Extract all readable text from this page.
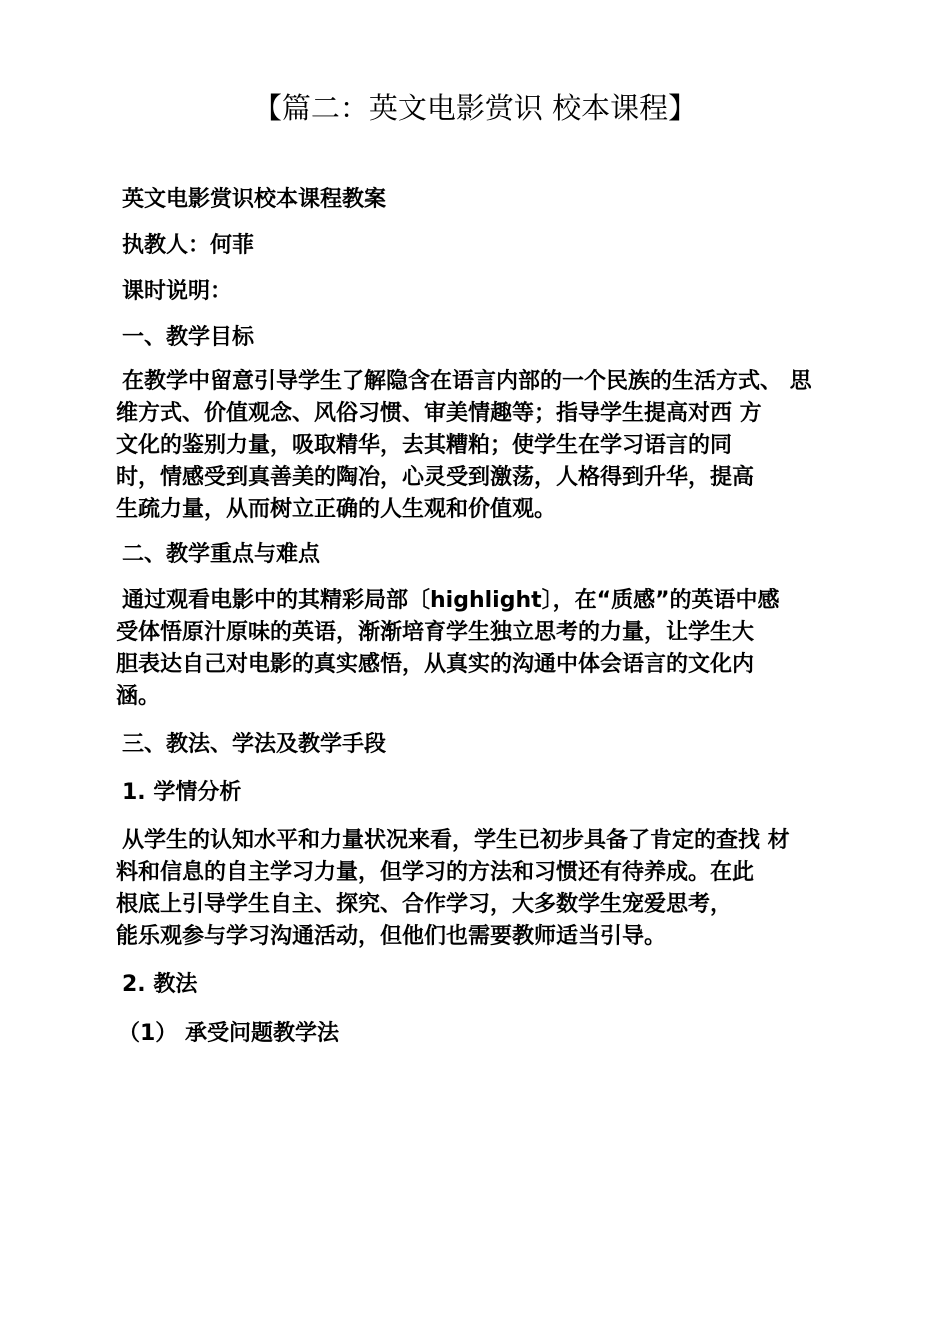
【篇二：英文电影赏识 校本课程】
英文电影赏识校本课程教案
执教人：何菲
课时说明：
一、教学目标
在教学中留意引导学生了解隐含在语言内部的一个民族的生活方式、 思
维方式、价值观念、风俗习惯、审美情趣等；指导学生提高对西 方
文化的鉴别力量，吸取精华，去其糟粕；使学生在学习语言的同
时，情感受到真善美的陶冶，心灵受到激荡，人格得到升华，提高
生疏力量，从而树立正确的人生观和价值观。
二、教学重点与难点
通过观看电影中的其精彩局部〔highlight〕，在“质感”的英语中感
受体悟原汁原味的英语，渐渐培育学生独立思考的力量，让学生大
胆表达自己对电影的真实感悟，从真实的沟通中体会语言的文化内
涵。
三、教法、学法及教学手段
1. 学情分析
从学生的认知水平和力量状况来看，学生已初步具备了肯定的查找 材
料和信息的自主学习力量，但学习的方法和习惯还有待养成。在此
根底上引导学生自主、探究、合作学习，大多数学生宠爱思考，
能乐观参与学习沟通活动，但他们也需要教师适当引导。
2. 教法
（1） 承受问题教学法
